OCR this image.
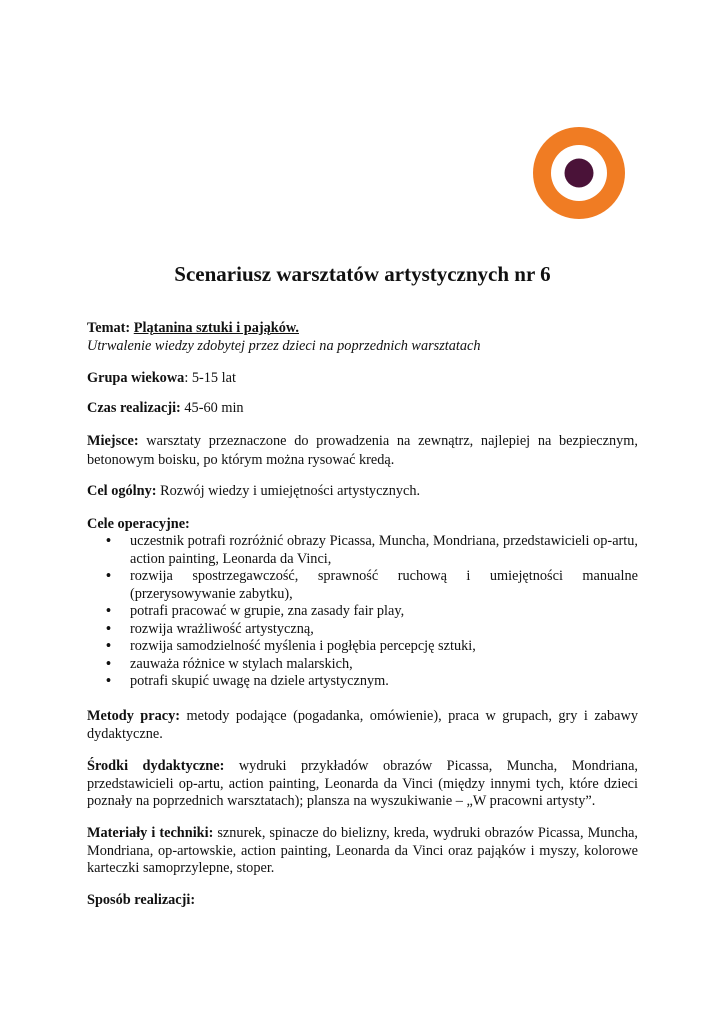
Scenariusz warsztatów artystycznych nr 6
Temat: Plątanina sztuki i pająków.
Utrwalenie wiedzy zdobytej przez dzieci na poprzednich warsztatach

Grupa wiekowa: 5-15 lat

Czas realizacji: 45-60 min

Miejsce: warsztaty przeznaczone do prowadzenia na zewnątrz, najlepiej na bezpiecznym, betonowym boisku, po którym można rysować kredą.

Cel ogólny: Rozwój wiedzy i umiejętności artystycznych.

Cele operacyjne:

• uczestnik potrafi rozróżnić obrazy Picassa, Muncha, Mondriana, przedstawicieli op-artu, action painting, Leonarda da Vinci,
• rozwija spostrzegawczość, sprawność ruchową i umiejętności manualne (przerysowywanie zabytku),
• potrafi pracować w grupie, zna zasady fair play,
• rozwija wrażliwość artystyczną,
• rozwija samodzielność myślenia i pogłębia percepcję sztuki,
• zauważa różnice w stylach malarskich,
• potrafi skupić uwagę na dziele artystycznym.

Metody pracy: metody podające (pogadanka, omówienie), praca w grupach, gry i zabawy dydaktyczne.

Środki dydaktyczne: wydruki przykładów obrazów Picassa, Muncha, Mondriana, przedstawicieli op-artu, action painting, Leonarda da Vinci (między innymi tych, które dzieci poznały na poprzednich warsztatach); plansza na wyszukiwanie – „W pracowni artysty”.

Materiały i techniki: sznurek, spinacze do bielizny, kreda, wydruki obrazów Picassa, Muncha, Mondriana, op-artowskie, action painting, Leonarda da Vinci oraz pająków i myszy, kolorowe karteczki samoprzylepne, stoper.

Sposób realizacji:
